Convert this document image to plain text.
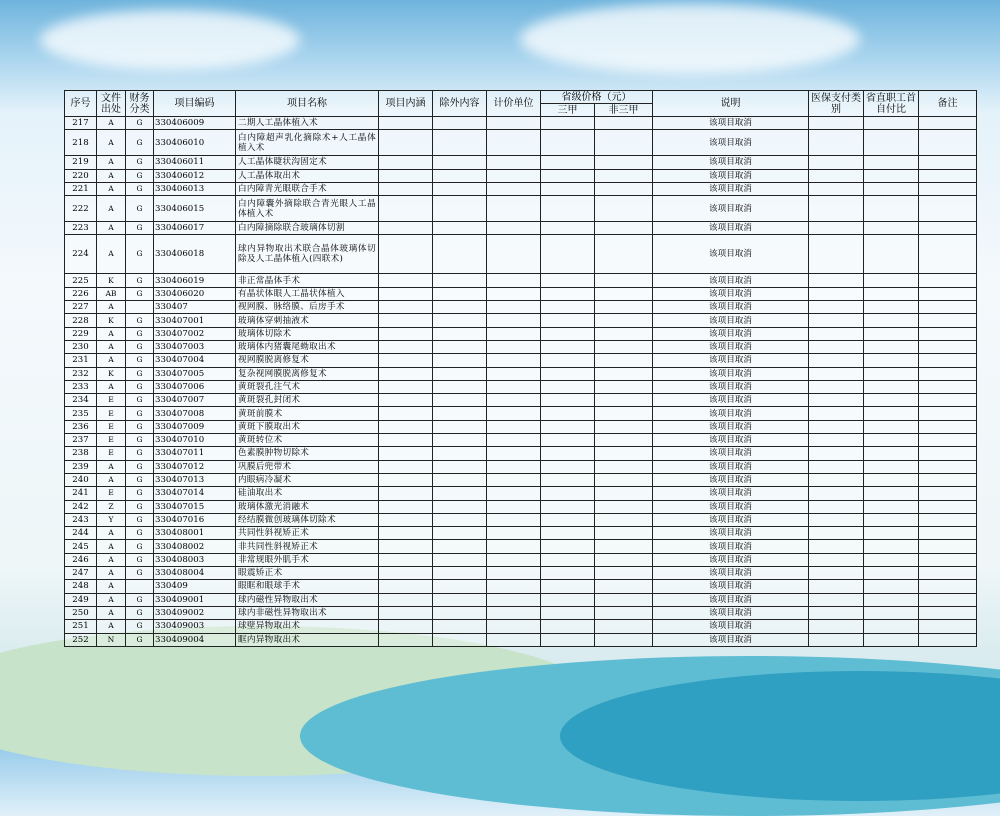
序号	文件出处	财务分类	项目编码	项目名称	项目内涵	除外内容	计价单位	省级价格（元）		说明	医保支付类别	省直职工首自付比	备注
								三甲	非三甲				
217	A	G	330406009	二期人工晶体植入术						该项目取消			
218	A	G	330406010	白内障超声乳化摘除术+人工晶体植入术						该项目取消			
219	A	G	330406011	人工晶体睫状沟固定术						该项目取消			
220	A	G	330406012	人工晶体取出术						该项目取消			
221	A	G	330406013	白内障青光眼联合手术						该项目取消			
222	A	G	330406015	白内障囊外摘除联合青光眼人工晶体植入术						该项目取消			
223	A	G	330406017	白内障摘除联合玻璃体切割						该项目取消			
224	A	G	330406018	球内异物取出术联合晶体玻璃体切除及人工晶体植入(四联术)						该项目取消			
225	K	G	330406019	非正常晶体手术						该项目取消			
226	AB	G	330406020	有晶状体眼人工晶状体植入						该项目取消			
227	A		330407	视网膜、脉络膜、后房手术						该项目取消			
228	K	G	330407001	玻璃体穿刺抽液术						该项目取消			
229	A	G	330407002	玻璃体切除术						该项目取消			
230	A	G	330407003	玻璃体内猪囊尾蚴取出术						该项目取消			
231	A	G	330407004	视网膜脱离修复术						该项目取消			
232	K	G	330407005	复杂视网膜脱离修复术						该项目取消			
233	A	G	330407006	黄斑裂孔注气术						该项目取消			
234	E	G	330407007	黄斑裂孔封闭术						该项目取消			
235	E	G	330407008	黄斑前膜术						该项目取消			
236	E	G	330407009	黄斑下膜取出术						该项目取消			
237	E	G	330407010	黄斑转位术						该项目取消			
238	E	G	330407011	色素膜肿物切除术						该项目取消			
239	A	G	330407012	巩膜后兜带术						该项目取消			
240	A	G	330407013	内眼病冷凝术						该项目取消			
241	E	G	330407014	硅油取出术						该项目取消			
242	Z	G	330407015	玻璃体激光消融术						该项目取消			
243	Y	G	330407016	经结膜微创玻璃体切除术						该项目取消			
244	A	G	330408001	共同性斜视矫正术						该项目取消			
245	A	G	330408002	非共同性斜视矫正术						该项目取消			
246	A	G	330408003	非常规眼外肌手术						该项目取消			
247	A	G	330408004	眼震矫正术						该项目取消			
248	A		330409	眼眶和眼球手术						该项目取消			
249	A	G	330409001	球内磁性异物取出术						该项目取消			
250	A	G	330409002	球内非磁性异物取出术						该项目取消			
251	A	G	330409003	球壁异物取出术						该项目取消			
252	N	G	330409004	眶内异物取出术						该项目取消			
